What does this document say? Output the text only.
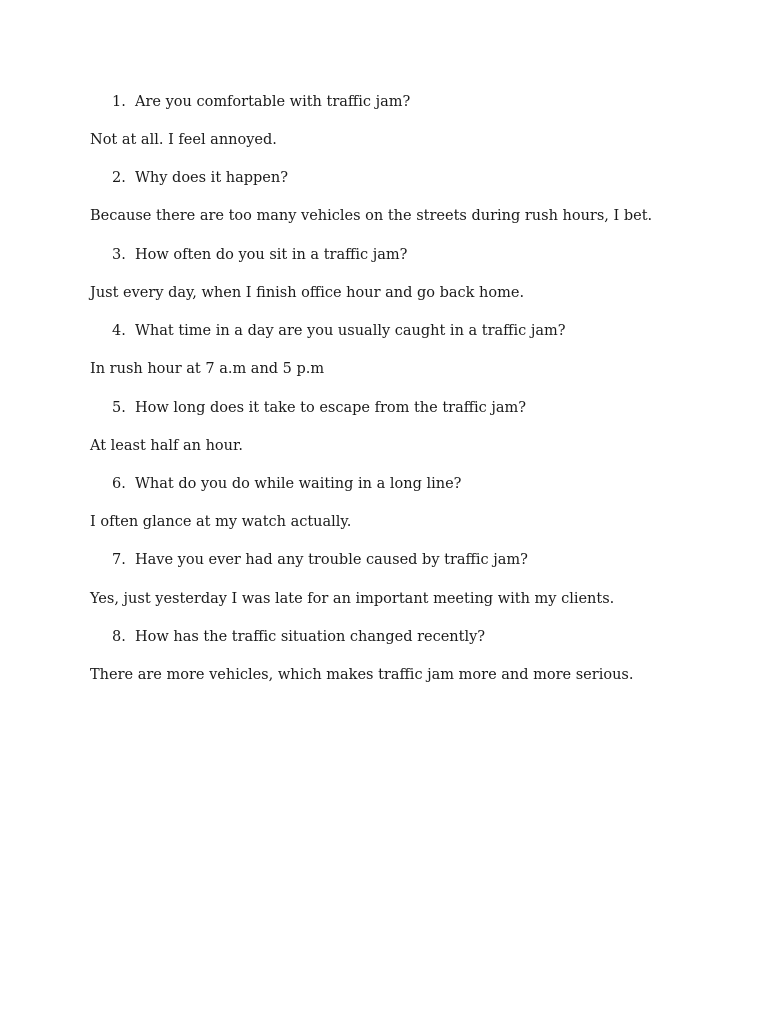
1. Are you comfortable with traffic jam?
Not at all. I feel annoyed.
2. Why does it happen?
Because there are too many vehicles on the streets during rush hours, I bet.
3. How often do you sit in a traffic jam?
Just every day, when I finish office hour and go back home.
4. What time in a day are you usually caught in a traffic jam?
In rush hour at 7 a.m and 5 p.m
5. How long does it take to escape from the traffic jam?
At least half an hour.
6. What do you do while waiting in a long line?
I often glance at my watch actually.
7. Have you ever had any trouble caused by traffic jam?
Yes, just yesterday I was late for an important meeting with my clients.
8. How has the traffic situation changed recently?
There are more vehicles, which makes traffic jam more and more serious.
